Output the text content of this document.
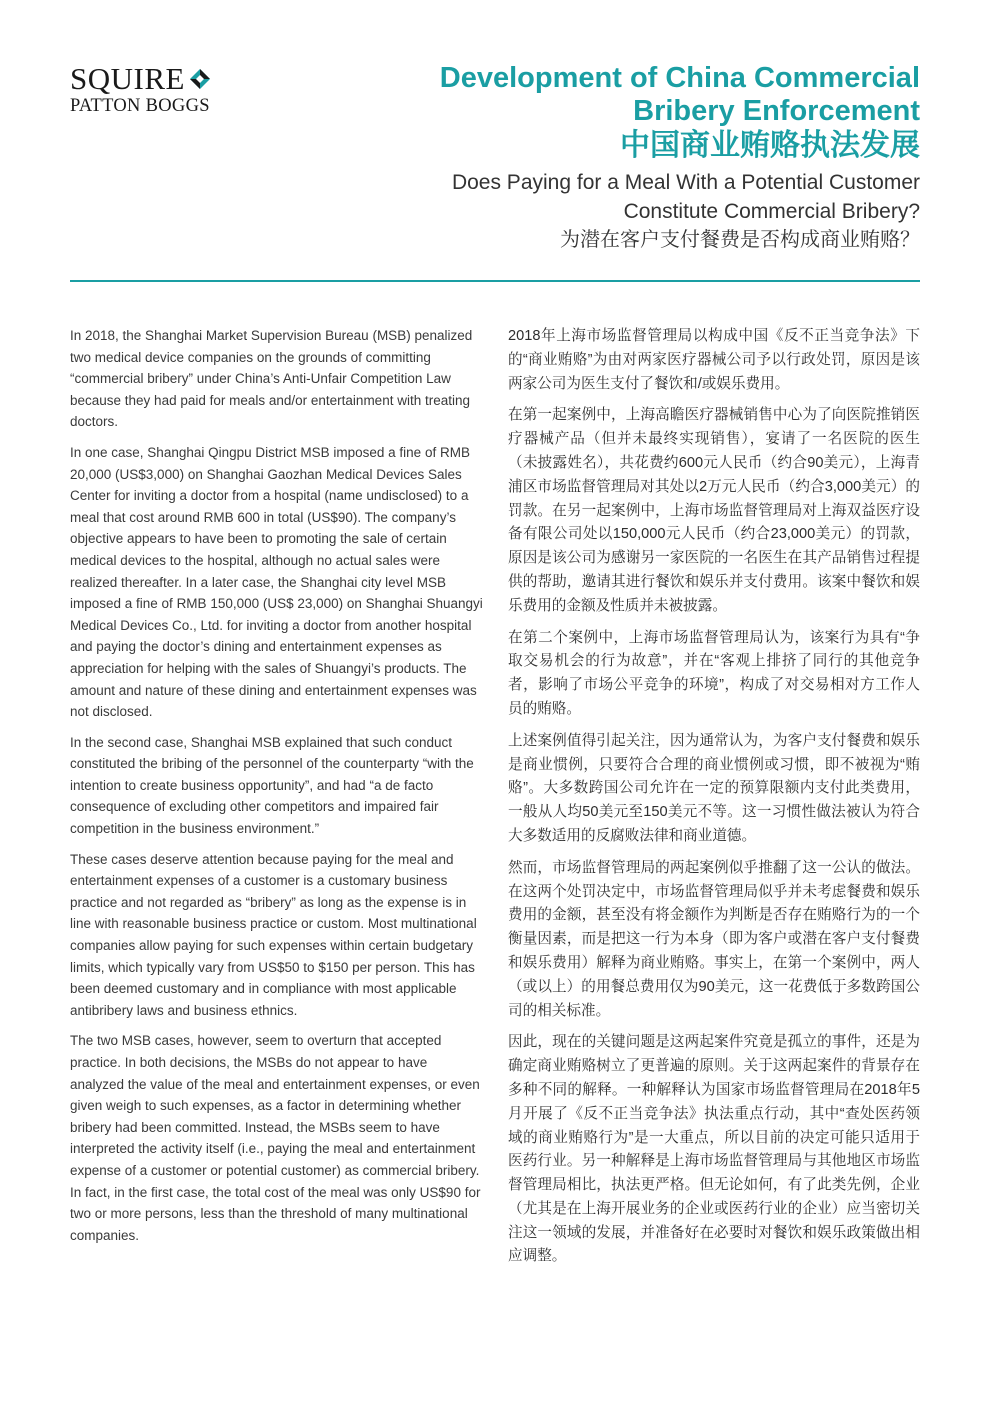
SQUIRE
PATTON BOGGS
Development of China Commercial Bribery Enforcement
中国商业贿赂执法发展
Does Paying for a Meal With a Potential Customer Constitute Commercial Bribery?
为潜在客户支付餐费是否构成商业贿赂？

In 2018, the Shanghai Market Supervision Bureau (MSB) penalized two medical device companies on the grounds of committing “commercial bribery” under China’s Anti-Unfair Competition Law because they had paid for meals and/or entertainment with treating doctors.

In one case, Shanghai Qingpu District MSB imposed a fine of RMB 20,000 (US$3,000) on Shanghai Gaozhan Medical Devices Sales Center for inviting a doctor from a hospital (name undisclosed) to a meal that cost around RMB 600 in total (US$90). The company’s objective appears to have been to promoting the sale of certain medical devices to the hospital, although no actual sales were realized thereafter. In a later case, the Shanghai city level MSB imposed a fine of RMB 150,000 (US$ 23,000) on Shanghai Shuangyi Medical Devices Co., Ltd. for inviting a doctor from another hospital and paying the doctor’s dining and entertainment expenses as appreciation for helping with the sales of Shuangyi’s products. The amount and nature of these dining and entertainment expenses was not disclosed.

In the second case, Shanghai MSB explained that such conduct constituted the bribing of the personnel of the counterparty “with the intention to create business opportunity”, and had “a de facto consequence of excluding other competitors and impaired fair competition in the business environment.”

These cases deserve attention because paying for the meal and entertainment expenses of a customer is a customary business practice and not regarded as “bribery” as long as the expense is in line with reasonable business practice or custom. Most multinational companies allow paying for such expenses within certain budgetary limits, which typically vary from US$50 to $150 per person. This has been deemed customary and in compliance with most applicable antibribery laws and business ethnics.

The two MSB cases, however, seem to overturn that accepted practice. In both decisions, the MSBs do not appear to have analyzed the value of the meal and entertainment expenses, or even given weigh to such expenses, as a factor in determining whether bribery had been committed. Instead, the MSBs seem to have interpreted the activity itself (i.e., paying the meal and entertainment expense of a customer or potential customer) as commercial bribery. In fact, in the first case, the total cost of the meal was only US$90 for two or more persons, less than the threshold of many multinational companies.

2018年上海市场监督管理局以构成中国《反不正当竞争法》下的“商业贿赂”为由对两家医疗器械公司予以行政处罚，原因是该两家公司为医生支付了餐饮和/或娱乐费用。

在第一起案例中，上海高瞻医疗器械销售中心为了向医院推销医疗器械产品（但并未最终实现销售），宴请了一名医院的医生（未披露姓名），共花费约600元人民币（约合90美元），上海青浦区市场监督管理局对其处以2万元人民币（约合3,000美元）的罚款。在另一起案例中，上海市场监督管理局对上海双益医疗设备有限公司处以150,000元人民币（约合23,000美元）的罚款，原因是该公司为感谢另一家医院的一名医生在其产品销售过程提供的帮助，邀请其进行餐饮和娱乐并支付费用。该案中餐饮和娱乐费用的金额及性质并未被披露。

在第二个案例中，上海市场监督管理局认为，该案行为具有“争取交易机会的行为故意”，并在“客观上排挤了同行的其他竞争者，影响了市场公平竞争的环境”，构成了对交易相对方工作人员的贿赂。

上述案例值得引起关注，因为通常认为，为客户支付餐费和娱乐是商业惯例，只要符合合理的商业惯例或习惯，即不被视为“贿赂”。大多数跨国公司允许在一定的预算限额内支付此类费用，一般从人均50美元至150美元不等。这一习惯性做法被认为符合大多数适用的反腐败法律和商业道德。

然而，市场监督管理局的两起案例似乎推翻了这一公认的做法。在这两个处罚决定中，市场监督管理局似乎并未考虑餐费和娱乐费用的金额，甚至没有将金额作为判断是否存在贿赂行为的一个衡量因素，而是把这一行为本身（即为客户或潜在客户支付餐费和娱乐费用）解释为商业贿赂。事实上，在第一个案例中，两人（或以上）的用餐总费用仅为90美元，这一花费低于多数跨国公司的相关标准。

因此，现在的关键问题是这两起案件究竟是孤立的事件，还是为确定商业贿赂树立了更普遍的原则。关于这两起案件的背景存在多种不同的解释。一种解释认为国家市场监督管理局在2018年5月开展了《反不正当竞争法》执法重点行动，其中“查处医药领域的商业贿赂行为”是一大重点，所以目前的决定可能只适用于医药行业。另一种解释是上海市场监督管理局与其他地区市场监督管理局相比，执法更严格。但无论如何，有了此类先例，企业（尤其是在上海开展业务的企业或医药行业的企业）应当密切关注这一领域的发展，并准备好在必要时对餐饮和娱乐政策做出相应调整。
